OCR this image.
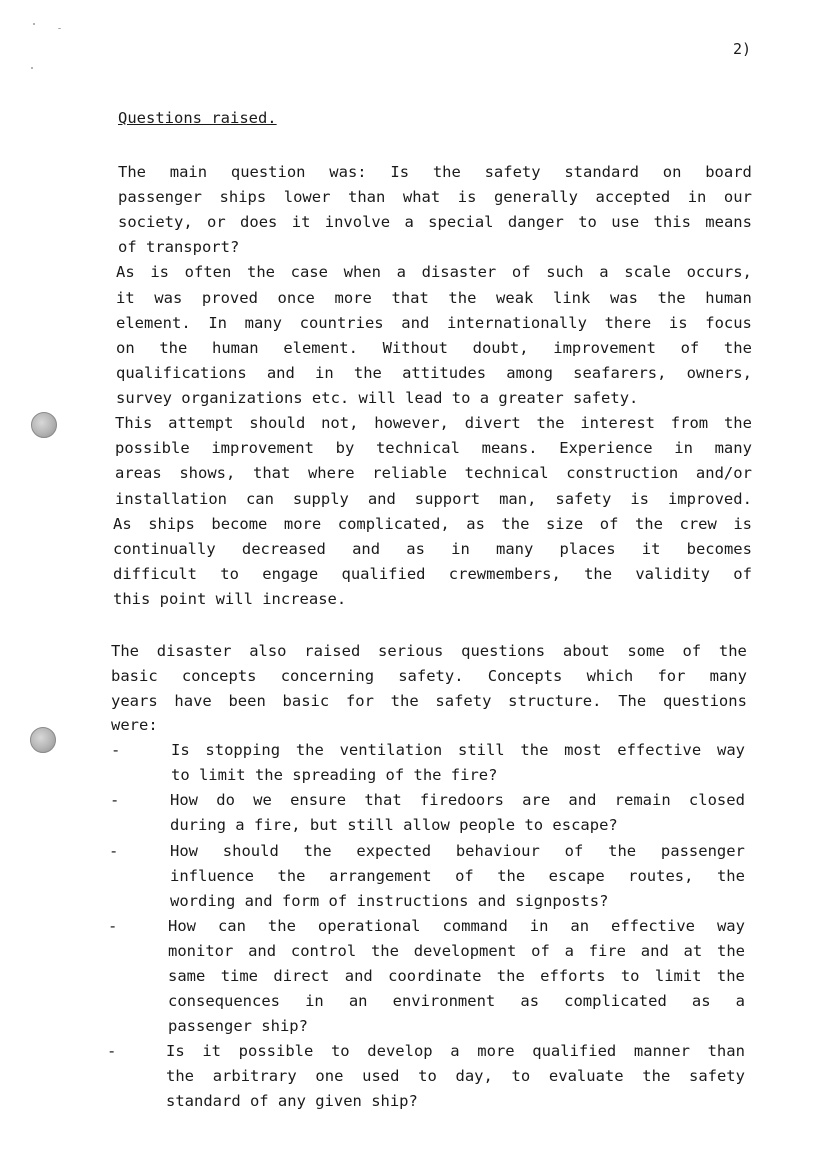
2)
Questions raised.
The main question was: Is the safety standard on board
passenger ships lower than what is generally accepted in our
society, or does it involve a special danger to use this means
of transport?
As is often the case when a disaster of such a scale occurs,
it was proved once more that the weak link was the human
element. In many countries and internationally there is focus
on the human element. Without doubt, improvement of the
qualifications and in the attitudes among seafarers, owners,
survey organizations etc. will lead to a greater safety.
This attempt should not, however, divert the interest from the
possible improvement by technical means. Experience in many
areas shows, that where reliable technical construction and/or
installation can supply and support man, safety is improved.
As ships become more complicated, as the size of the crew is
continually decreased and as in many places it becomes
difficult to engage qualified crewmembers, the validity of
this point will increase.
The disaster also raised serious questions about some of the
basic concepts concerning safety. Concepts which for many
years have been basic for the safety structure. The questions
were:
-	Is stopping the ventilation still the most effective way
to limit the spreading of the fire?
-	How do we ensure that firedoors are and remain closed
during a fire, but still allow people to escape?
-	How should the expected behaviour of the passenger
influence the arrangement of the escape routes, the
wording and form of instructions and signposts?
-	How can the operational command in an effective way
monitor and control the development of a fire and at the
same time direct and coordinate the efforts to limit the
consequences in an environment as complicated as a
passenger ship?
-	Is it possible to develop a more qualified manner than
the arbitrary one used to day, to evaluate the safety
standard of any given ship?
